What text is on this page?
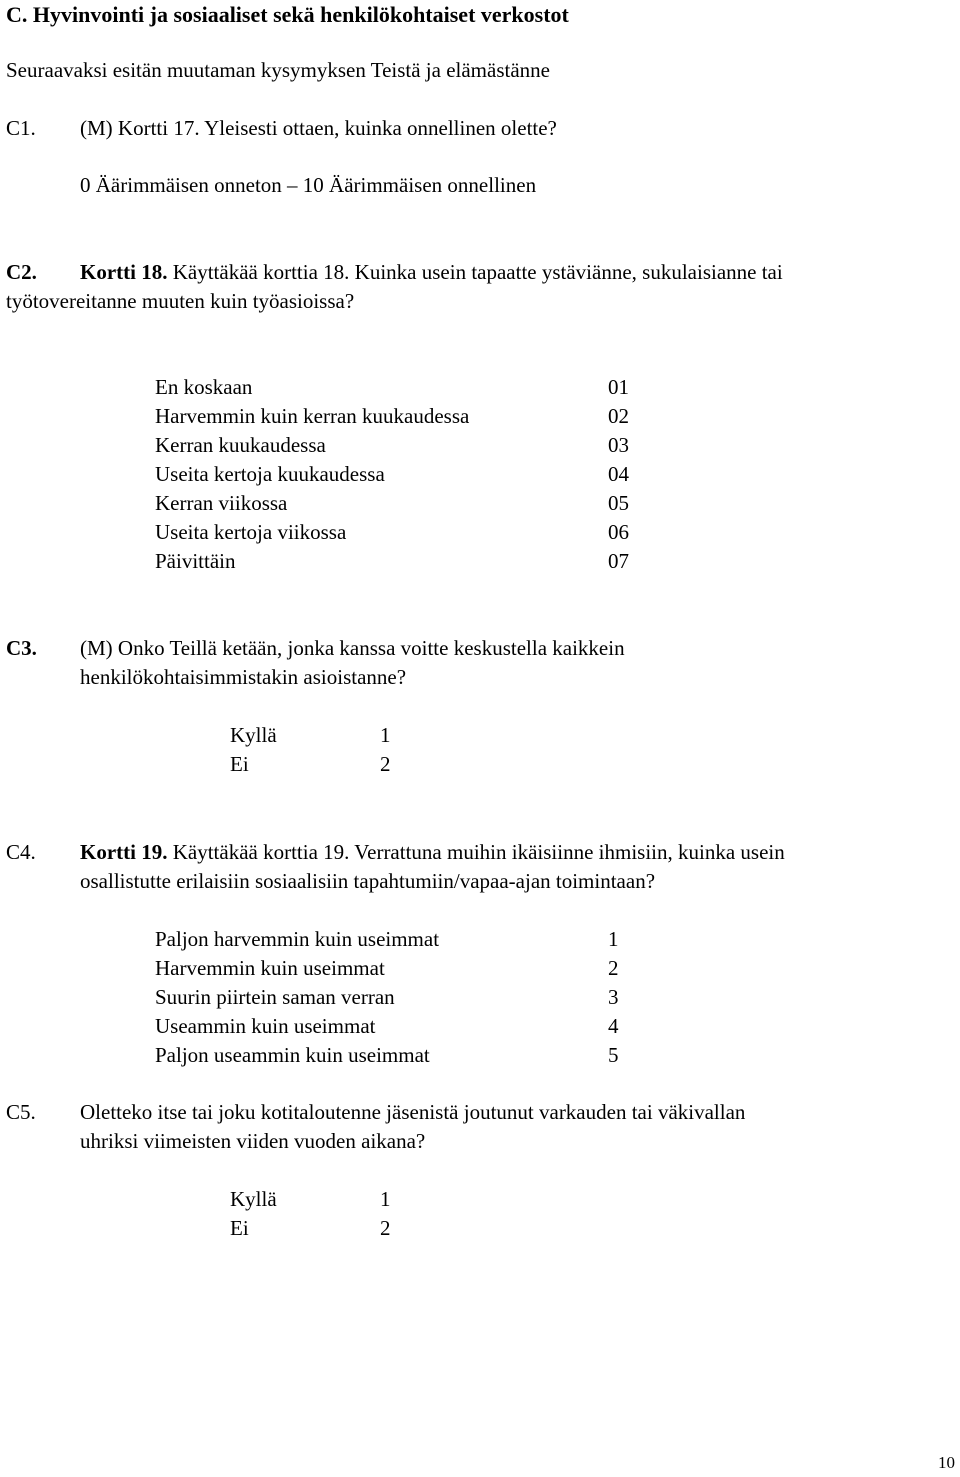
C. Hyvinvointi ja sosiaaliset sekä henkilökohtaiset verkostot
Seuraavaksi esitän muutaman kysymyksen Teistä ja elämästänne
C1. (M) Kortti 17. Yleisesti ottaen, kuinka onnellinen olette?
0 Äärimmäisen onneton – 10 Äärimmäisen onnellinen
C2. Kortti 18. Käyttäkää korttia 18. Kuinka usein tapaatte ystäviänne, sukulaisianne tai
työtovereitanne muuten kuin työasioissa?
En koskaan	01
Harvemmin kuin kerran kuukaudessa	02
Kerran kuukaudessa	03
Useita kertoja kuukaudessa	04
Kerran viikossa	05
Useita kertoja viikossa	06
Päivittäin	07
C3. (M) Onko Teillä ketään, jonka kanssa voitte keskustella kaikkein
henkilökohtaisimmistakin asioistanne?
Kyllä	1
Ei	2
C4. Kortti 19. Käyttäkää korttia 19. Verrattuna muihin ikäisiinne ihmisiin, kuinka usein
osallistutte erilaisiin sosiaalisiin tapahtumiin/vapaa-ajan toimintaan?
Paljon harvemmin kuin useimmat	1
Harvemmin kuin useimmat	2
Suurin piirtein saman verran	3
Useammin kuin useimmat	4
Paljon useammin kuin useimmat	5
C5. Oletteko itse tai joku kotitaloutenne jäsenistä joutunut varkauden tai väkivallan
uhriksi viimeisten viiden vuoden aikana?
Kyllä	1
Ei	2
10
